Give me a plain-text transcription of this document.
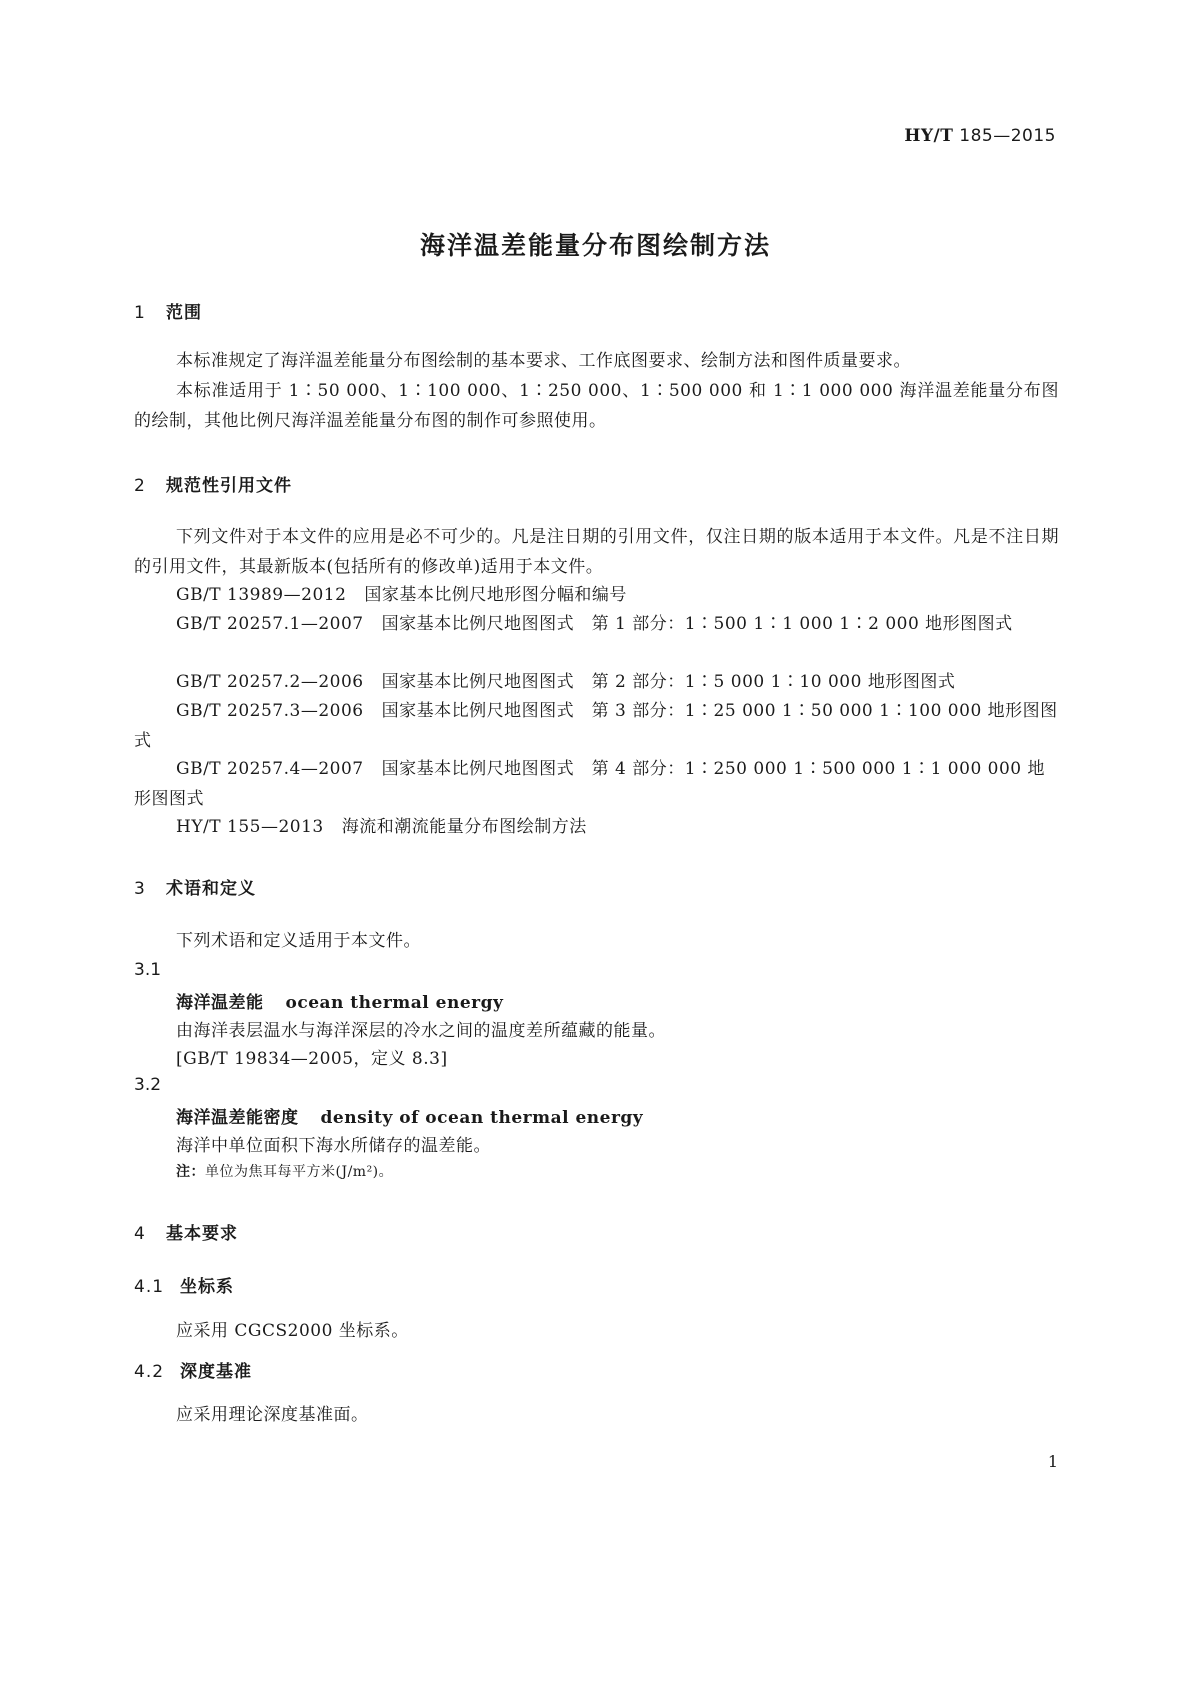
HY/T 185—2015
海洋温差能量分布图绘制方法
1 范围
本标准规定了海洋温差能量分布图绘制的基本要求、工作底图要求、绘制方法和图件质量要求。
本标准适用于 1∶50 000、1∶100 000、1∶250 000、1∶500 000 和 1∶1 000 000 海洋温差能量分布图的绘制，其他比例尺海洋温差能量分布图的制作可参照使用。
2 规范性引用文件
下列文件对于本文件的应用是必不可少的。凡是注日期的引用文件，仅注日期的版本适用于本文件。凡是不注日期的引用文件，其最新版本(包括所有的修改单)适用于本文件。
GB/T 13989—2012 国家基本比例尺地形图分幅和编号
GB/T 20257.1—2007 国家基本比例尺地图图式　第 1 部分：1∶500 1∶1 000 1∶2 000 地形图图式
GB/T 20257.2—2006 国家基本比例尺地图图式　第 2 部分：1∶5 000 1∶10 000 地形图图式
GB/T 20257.3—2006 国家基本比例尺地图图式　第 3 部分：1∶25 000 1∶50 000 1∶100 000 地形图图式
GB/T 20257.4—2007 国家基本比例尺地图图式　第 4 部分：1∶250 000 1∶500 000 1∶1 000 000 地形图图式
HY/T 155—2013 海流和潮流能量分布图绘制方法
3 术语和定义
下列术语和定义适用于本文件。
3.1
海洋温差能 ocean thermal energy
由海洋表层温水与海洋深层的冷水之间的温度差所蕴藏的能量。
[GB/T 19834—2005，定义 8.3]
3.2
海洋温差能密度 density of ocean thermal energy
海洋中单位面积下海水所储存的温差能。
注：单位为焦耳每平方米(J/m²)。
4 基本要求
4.1 坐标系
应采用 CGCS2000 坐标系。
4.2 深度基准
应采用理论深度基准面。
1
